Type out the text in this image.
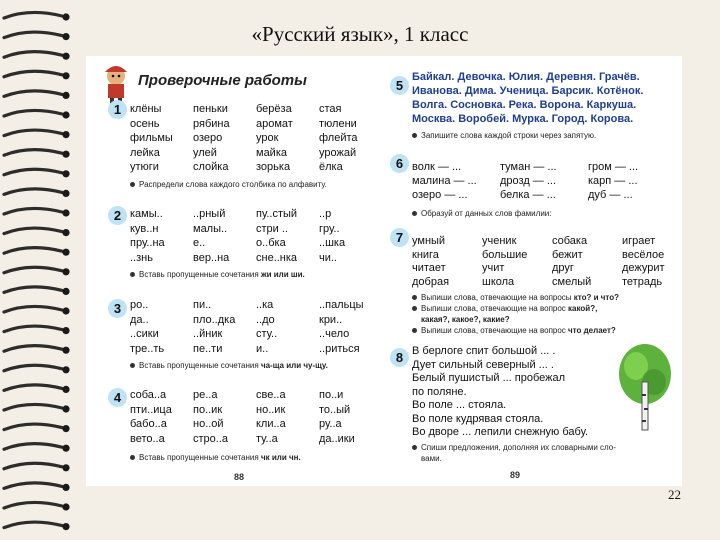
«Русский язык», 1 класс
Проверочные работы
1 клёны
осень
фильмы
лейка
утюги
пеньки
рябина
озеро
улей
слойка
берёза
аромат
урок
майка
зорька
стая
тюлени
флейта
урожай
ёлка
Распредели слова каждого столбика по алфавиту.
2 камы..
кув..н
пру..на
..знь
..рный
малы..
е..
вер..на
пу..стый
стри ..
о..бка
сне..нка
..р
гру..
..шка
чи..
Вставь пропущенные сочетания жи или ши.
3 ро..
да..
..сики
тре..ть
пи..
пло..дка
..йник
пе..ти
..ка
..до
сту..
и..
..пальцы
кри..
..чело
..риться
Вставь пропущенные сочетания ча-ща или чу-щу.
4 соба..а
пти..ица
бабо..а
вето..а
ре..а
по..ик
но..ой
стро..а
све..а
но..ик
кли..а
ту..а
по..и
то..ый
ру..а
да..ики
Вставь пропущенные сочетания чк или чн.
88
5
Байкал. Девочка. Юлия. Деревня. Грачёв.
Иванова. Дима. Ученица. Барсик. Котёнок.
Волга. Сосновка. Река. Ворона. Каркуша.
Москва. Воробей. Мурка. Город. Корова.
Запишите слова каждой строки через запятую.
6 волк — ...
малина — ...
озеро — ...
туман — ...
дрозд — ...
белка — ...
гром — ...
карп — ...
дуб — ...
Образуй от данных слов фамилии:
7 умный
книга
читает
добрая
ученик
большие
учит
школа
собака
бежит
друг
смелый
играет
весёлое
дежурит
тетрадь
Выпиши слова, отвечающие на вопросы кто? и что?
Выпиши слова, отвечающие на вопрос какой?,
какая?, какое?, какие?
Выпиши слова, отвечающие на вопрос что делает?
8 В берлоге спит большой ... .
Дует сильный северный ... .
Белый пушистый ... пробежал
по поляне.
Во поле ... стояла.
Во поле кудрявая стояла.
Во дворе ... лепили снежную бабу.
Спиши предложения, дополняя их словарными сло-
вами.
89
22
